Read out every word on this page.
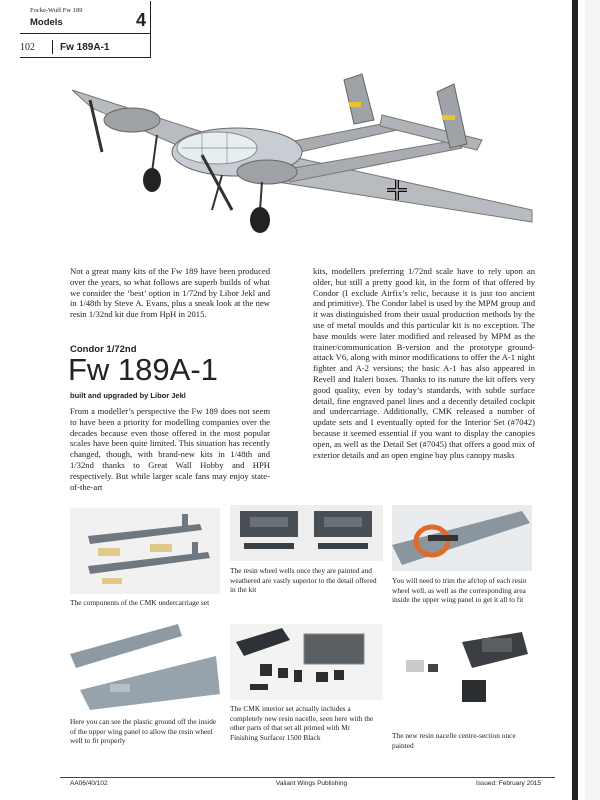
Focke-Wulf Fw 189
Models	4
102	Fw 189A-1
Not a great many kits of the Fw 189 have been produced over the years, so what follows are superb builds of what we consider the ‘best’ option in 1/72nd by Libor Jekl and in 1/48th by Steve A. Evans, plus a sneak look at the new resin 1/32nd kit due from HpH in 2015.
Condor 1/72nd
Fw 189A-1
built and upgraded by Libor Jekl
From a modeller’s perspective the Fw 189 does not seem to have been a priority for modelling companies over the decades because even those offered in the most popular scales have been quite limited. This situation has recently changed, though, with brand-new kits in 1/48th and 1/32nd thanks to Great Wall Hobby and HPH respectively. But while larger scale fans may enjoy state-of-the-art
kits, modellers preferring 1/72nd scale have to rely upon an older, but still a pretty good kit, in the form of that offered by Condor (I exclude Airfix’s relic, because it is just too ancient and primitive). The Condor label is used by the MPM group and it was distinguished from their usual production methods by the use of metal moulds and this particular kit is no exception. The base moulds were later modified and released by MPM as the trainer/communication B-version and the prototype ground-attack V6, along with minor modifications to offer the A-1 night fighter and A-2 versions; the basic A-1 has also appeared in Revell and Italeri boxes. Thanks to its nature the kit offers very good quality, even by today’s standards, with subtle surface detail, fine engraved panel lines and a decently detailed cockpit and undercarriage. Additionally, CMK released a number of update sets and I eventually opted for the Interior Set (#7042) because it seemed essential if you want to display the canopies open, as well as the Detail Set (#7045) that offers a good mix of exterior details and an open engine bay plus canopy masks
The components of the CMK undercarriage set
The resin wheel wells once they are painted and weathered are vastly superior to the detail offered in the kit
You will need to trim the aft/top of each resin wheel well, as well as the corresponding area inside the upper wing panel to get it all to fit
Here you can see the plastic ground off the inside of the upper wing panel to allow the resin wheel well to fit properly
The CMK interior set actually includes a completely new resin nacelle, seen here with the other parts of that set all primed with Mr Finishing Surfacer 1500 Black	The new resin nacelle centre-section once painted
AA06/40/102	Valiant Wings Publishing	Issued: February 2015
